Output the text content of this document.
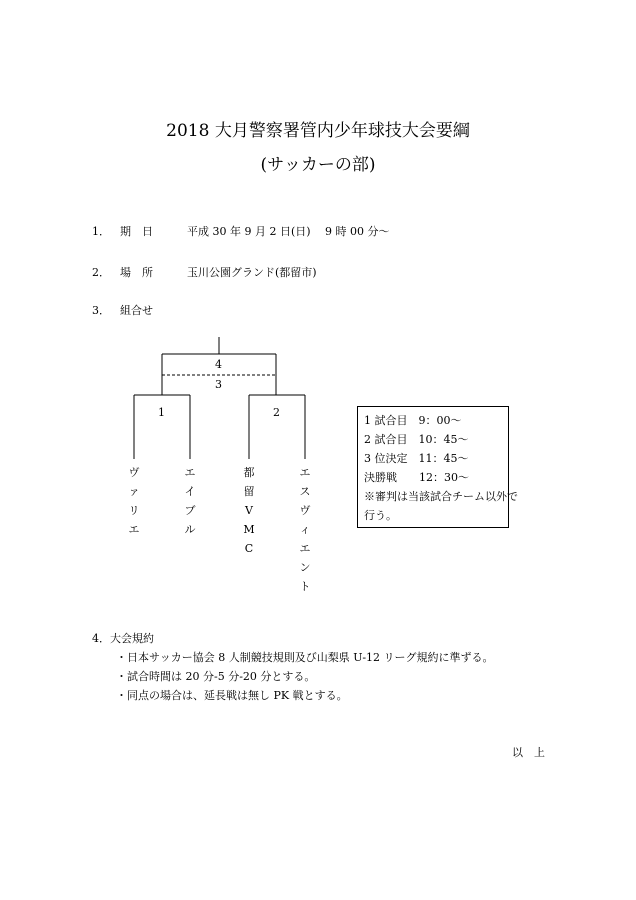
2018 大月警察署管内少年球技大会要綱
(サッカーの部)
1． 期　日	平成 30 年 9 月 2 日(日)　 9 時 00 分～
2． 場　所	玉川公園グランド(都留市)
3． 組合せ
4
3
1	2
ヴ
ァ
リ
エ
エ
イ
ブ
ル
都
留
V
M
C
エ
ス
ヴ
ィ
エ
ン
ト
1 試合目　9：00～
2 試合目　10：45～
3 位決定　11：45～
決勝戦　　12：30～
※審判は当該試合チーム以外で
行う。
4．大会規約
・日本サッカー協会 8 人制競技規則及び山梨県 U-12 リーグ規約に準ずる。
・試合時間は 20 分-5 分-20 分とする。
・同点の場合は、延長戦は無し PK 戦とする。
以　上
